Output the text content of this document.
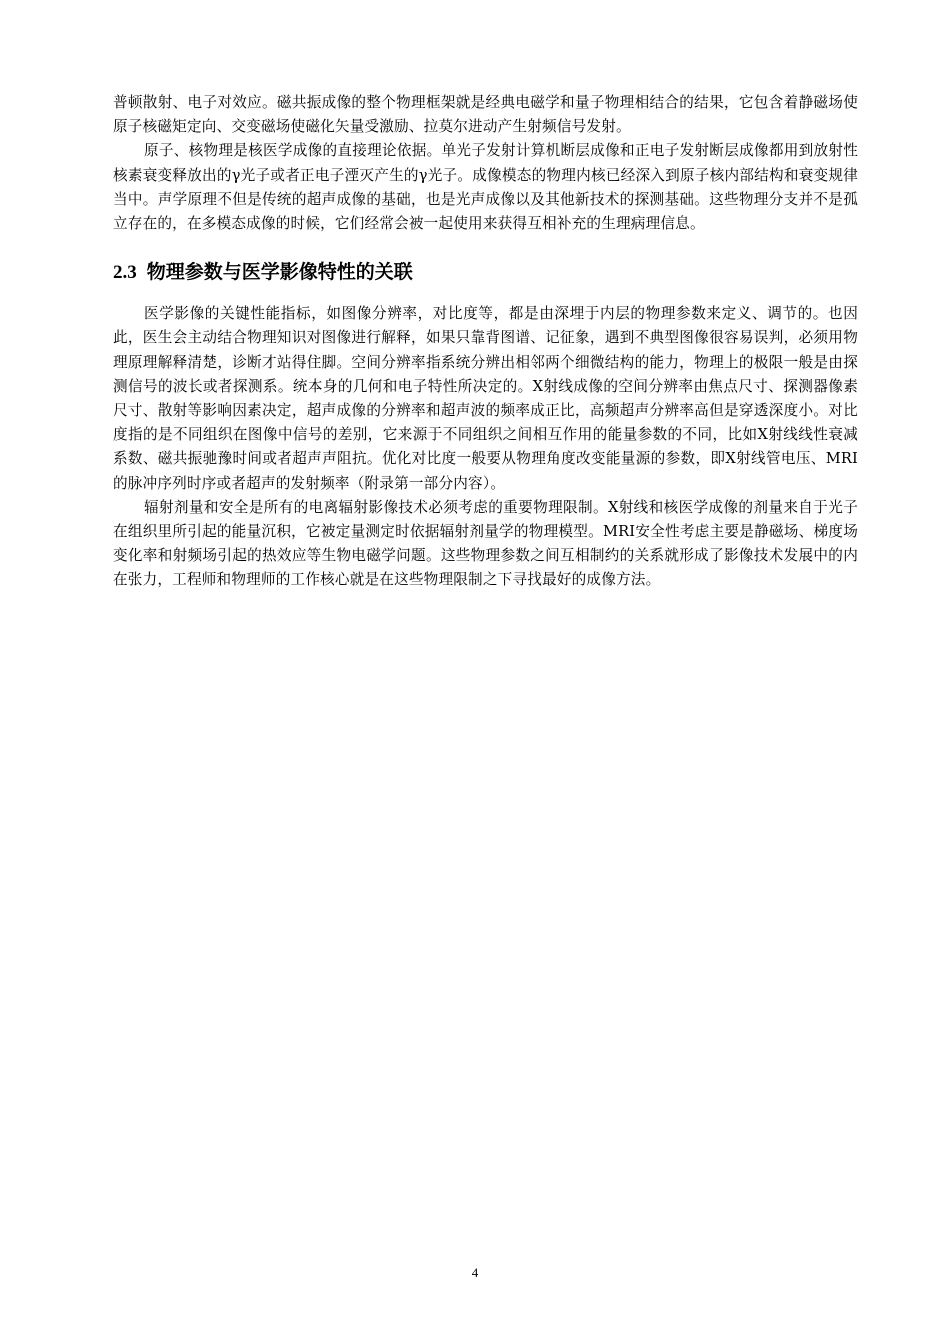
普顿散射、电子对效应。磁共振成像的整个物理框架就是经典电磁学和量子物理相结合的结果，它包含着静磁场使原子核磁矩定向、交变磁场使磁化矢量受激励、拉莫尔进动产生射频信号发射。

原子、核物理是核医学成像的直接理论依据。单光子发射计算机断层成像和正电子发射断层成像都用到放射性核素衰变释放出的γ光子或者正电子湮灭产生的γ光子。成像模态的物理内核已经深入到原子核内部结构和衰变规律当中。声学原理不但是传统的超声成像的基础，也是光声成像以及其他新技术的探测基础。这些物理分支并不是孤立存在的，在多模态成像的时候，它们经常会被一起使用来获得互相补充的生理病理信息。

2.3 物理参数与医学影像特性的关联

医学影像的关键性能指标，如图像分辨率，对比度等，都是由深埋于内层的物理参数来定义、调节的。也因此，医生会主动结合物理知识对图像进行解释，如果只靠背图谱、记征象，遇到不典型图像很容易误判，必须用物理原理解释清楚，诊断才站得住脚。空间分辨率指系统分辨出相邻两个细微结构的能力，物理上的极限一般是由探测信号的波长或者探测系。统本身的几何和电子特性所决定的。X射线成像的空间分辨率由焦点尺寸、探测器像素尺寸、散射等影响因素决定，超声成像的分辨率和超声波的频率成正比，高频超声分辨率高但是穿透深度小。对比度指的是不同组织在图像中信号的差别，它来源于不同组织之间相互作用的能量参数的不同，比如X射线线性衰减系数、磁共振驰豫时间或者超声声阻抗。优化对比度一般要从物理角度改变能量源的参数，即X射线管电压、MRI的脉冲序列时序或者超声的发射频率（附录第一部分内容）。

辐射剂量和安全是所有的电离辐射影像技术必须考虑的重要物理限制。X射线和核医学成像的剂量来自于光子在组织里所引起的能量沉积，它被定量测定时依据辐射剂量学的物理模型。MRI安全性考虑主要是静磁场、梯度场变化率和射频场引起的热效应等生物电磁学问题。这些物理参数之间互相制约的关系就形成了影像技术发展中的内在张力，工程师和物理师的工作核心就是在这些物理限制之下寻找最好的成像方法。

4
